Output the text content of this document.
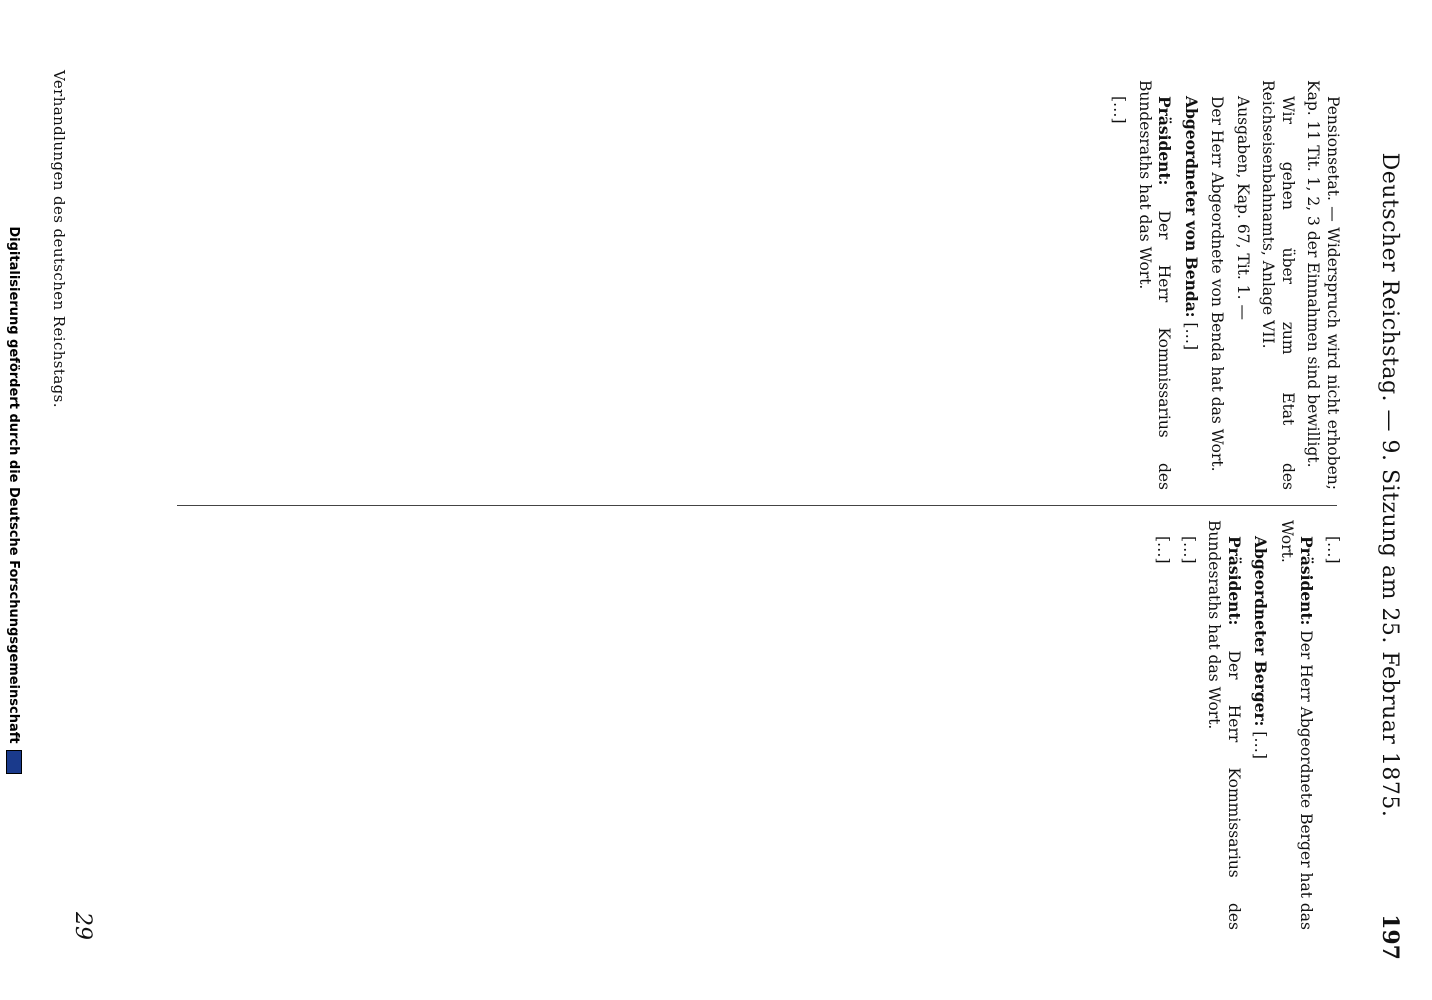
Deutscher Reichstag. — 9. Sitzung am 25. Februar 1875.
197

Pensionsetat. — Widerspruch wird nicht erhoben; Kap. 11 Tit. 1, 2, 3 der Einnahmen sind bewilligt.

Wir gehen über zum Etat des Reichseisenbahnamts, Anlage VII.

Ausgaben, Kap. 67, Tit. 1. —

Der Herr Abgeordnete von Benda hat das Wort.

Abgeordneter von Benda: […]

Präsident: Der Herr Kommissarius des Bundesraths hat das Wort.

[…]

[…]

Präsident: Der Herr Abgeordnete Berger hat das Wort.

Abgeordneter Berger: […]

Präsident: Der Herr Kommissarius des Bundesraths hat das Wort.

[…]

[…]

Verhandlungen des deutschen Reichstags.
29
Digitalisierung gefördert durch die Deutsche Forschungsgemeinschaft
